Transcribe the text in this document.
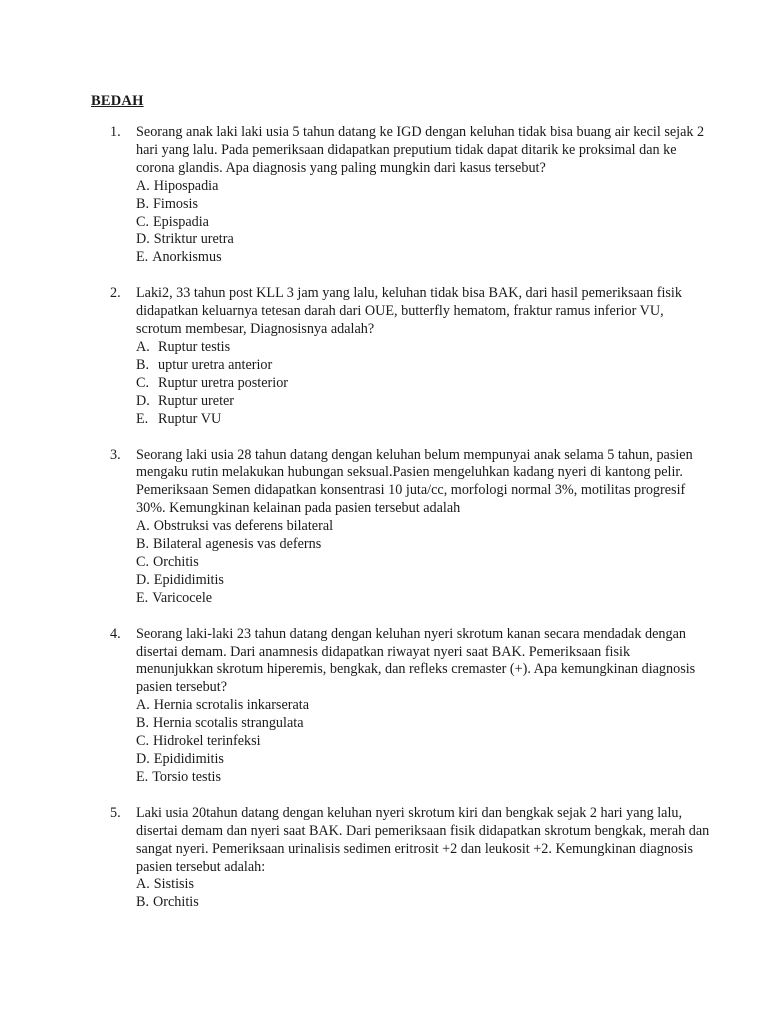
BEDAH
1. Seorang anak laki laki usia 5 tahun datang ke IGD dengan keluhan tidak bisa buang air kecil sejak 2 hari yang lalu. Pada pemeriksaan didapatkan preputium tidak dapat ditarik ke proksimal dan ke corona glandis. Apa diagnosis yang paling mungkin dari kasus tersebut?
A. Hipospadia
B. Fimosis
C. Epispadia
D. Striktur uretra
E. Anorkismus
2. Laki2, 33 tahun post KLL 3 jam yang lalu, keluhan tidak bisa BAK, dari hasil pemeriksaan fisik didapatkan keluarnya tetesan darah dari OUE, butterfly hematom, fraktur ramus inferior VU, scrotum membesar, Diagnosisnya adalah?
A. Ruptur testis
B. uptur uretra anterior
C. Ruptur uretra posterior
D. Ruptur ureter
E. Ruptur VU
3. Seorang laki usia 28 tahun datang dengan keluhan belum mempunyai anak selama 5 tahun, pasien mengaku rutin melakukan hubungan seksual.Pasien mengeluhkan kadang nyeri di kantong pelir. Pemeriksaan Semen didapatkan konsentrasi 10 juta/cc, morfologi normal 3%, motilitas progresif 30%. Kemungkinan kelainan pada pasien tersebut adalah
A. Obstruksi vas deferens bilateral
B. Bilateral agenesis vas deferns
C. Orchitis
D. Epididimitis
E. Varicocele
4. Seorang laki-laki 23 tahun datang dengan keluhan nyeri skrotum kanan secara mendadak dengan disertai demam. Dari anamnesis didapatkan riwayat nyeri saat BAK. Pemeriksaan fisik menunjukkan skrotum hiperemis, bengkak, dan refleks cremaster (+). Apa kemungkinan diagnosis pasien tersebut?
A. Hernia scrotalis inkarserata
B. Hernia scotalis strangulata
C. Hidrokel terinfeksi
D. Epididimitis
E. Torsio testis
5. Laki usia 20tahun datang dengan keluhan nyeri skrotum kiri dan bengkak sejak 2 hari yang lalu, disertai demam dan nyeri saat BAK. Dari pemeriksaan fisik didapatkan skrotum bengkak, merah dan sangat nyeri. Pemeriksaan urinalisis sedimen eritrosit +2 dan leukosit +2. Kemungkinan diagnosis pasien tersebut adalah:
A. Sistisis
B. Orchitis
